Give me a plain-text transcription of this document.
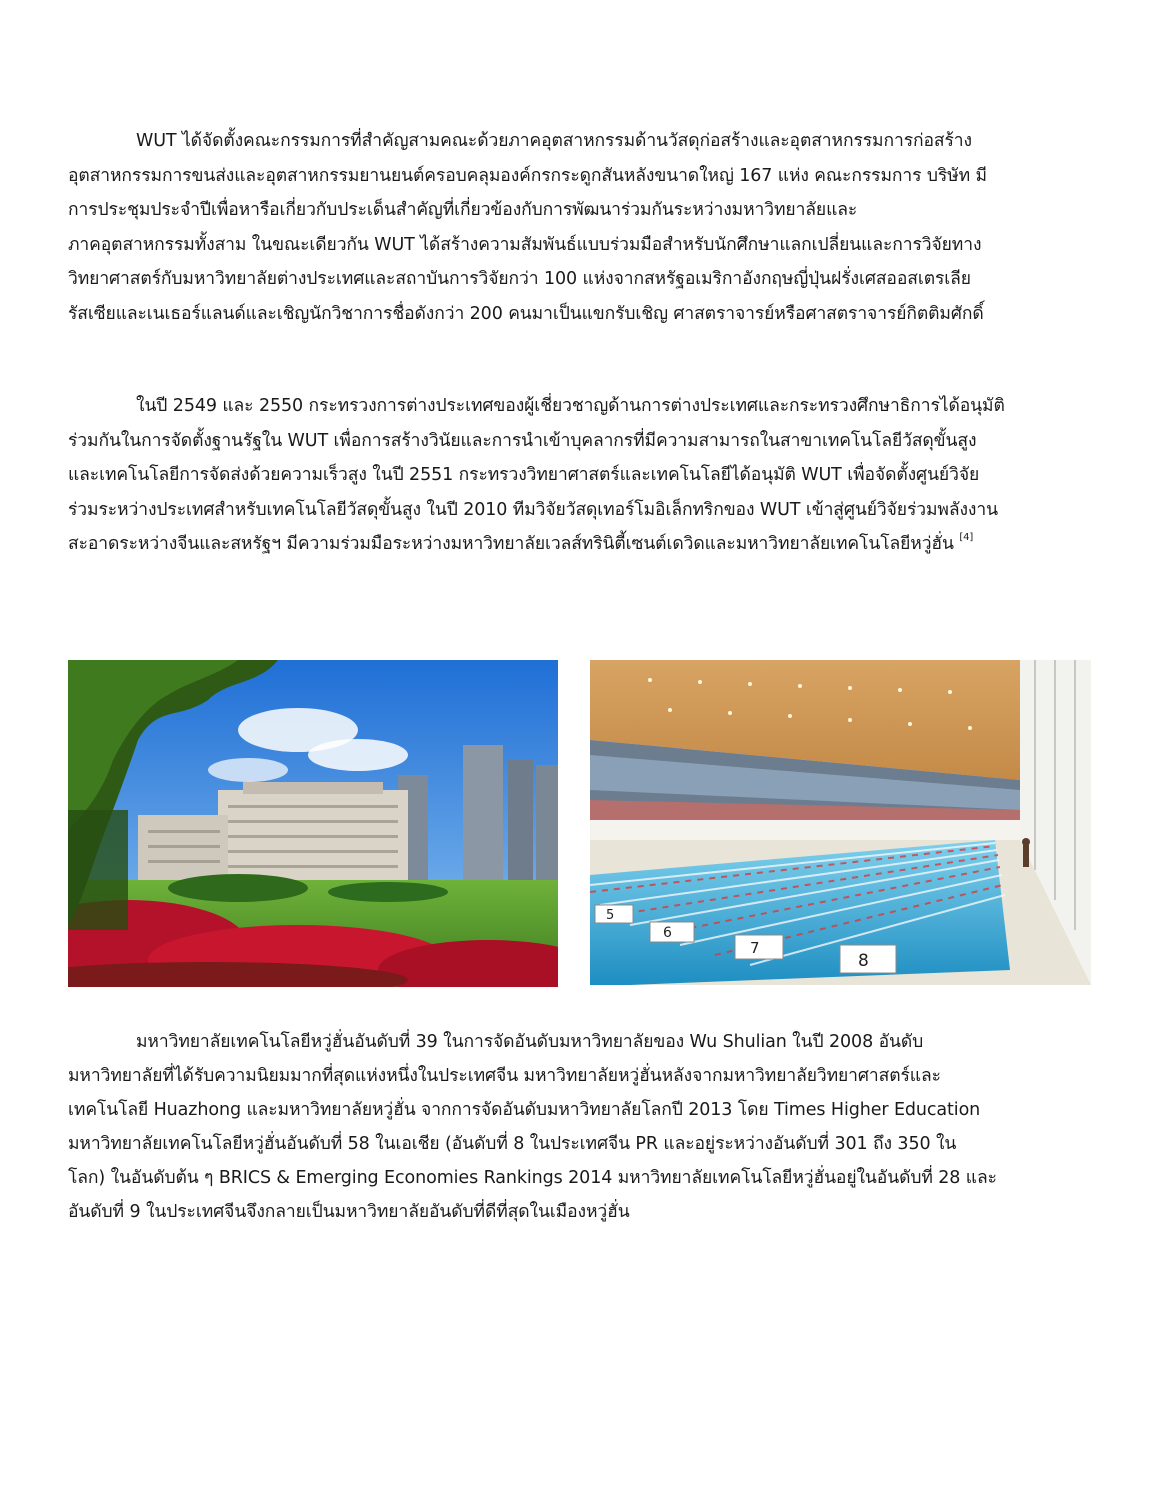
WUT ได้จัดตั้งคณะกรรมการที่สำคัญสามคณะด้วยภาคอุตสาหกรรมด้านวัสดุก่อสร้างและอุตสาหกรรมการก่อสร้าง
อุตสาหกรรมการขนส่งและอุตสาหกรรมยานยนต์ครอบคลุมองค์กรกระดูกสันหลังขนาดใหญ่ 167 แห่ง คณะกรรมการ บริษัท มี
การประชุมประจำปีเพื่อหารือเกี่ยวกับประเด็นสำคัญที่เกี่ยวข้องกับการพัฒนาร่วมกันระหว่างมหาวิทยาลัยและ
ภาคอุตสาหกรรมทั้งสาม ในขณะเดียวกัน WUT ได้สร้างความสัมพันธ์แบบร่วมมือสำหรับนักศึกษาแลกเปลี่ยนและการวิจัยทาง
วิทยาศาสตร์กับมหาวิทยาลัยต่างประเทศและสถาบันการวิจัยกว่า 100 แห่งจากสหรัฐอเมริกาอังกฤษญี่ปุ่นฝรั่งเศสออสเตรเลีย
รัสเซียและเนเธอร์แลนด์และเชิญนักวิชาการชื่อดังกว่า 200 คนมาเป็นแขกรับเชิญ ศาสตราจารย์หรือศาสตราจารย์กิตติมศักดิ์

ในปี 2549 และ 2550 กระทรวงการต่างประเทศของผู้เชี่ยวชาญด้านการต่างประเทศและกระทรวงศึกษาธิการได้อนุมัติ
ร่วมกันในการจัดตั้งฐานรัฐใน WUT เพื่อการสร้างวินัยและการนำเข้าบุคลากรที่มีความสามารถในสาขาเทคโนโลยีวัสดุขั้นสูง
และเทคโนโลยีการจัดส่งด้วยความเร็วสูง ในปี 2551 กระทรวงวิทยาศาสตร์และเทคโนโลยีได้อนุมัติ WUT เพื่อจัดตั้งศูนย์วิจัย
ร่วมระหว่างประเทศสำหรับเทคโนโลยีวัสดุขั้นสูง ในปี 2010 ทีมวิจัยวัสดุเทอร์โมอิเล็กทริกของ WUT เข้าสู่ศูนย์วิจัยร่วมพลังงาน
สะอาดระหว่างจีนและสหรัฐฯ มีความร่วมมือระหว่างมหาวิทยาลัยเวลส์ทรินิตี้เซนต์เดวิดและมหาวิทยาลัยเทคโนโลยีหวู่ฮั่น [4]

5
6
7
8

มหาวิทยาลัยเทคโนโลยีหวู่ฮั่นอันดับที่ 39 ในการจัดอันดับมหาวิทยาลัยของ Wu Shulian ในปี 2008 อันดับ
มหาวิทยาลัยที่ได้รับความนิยมมากที่สุดแห่งหนึ่งในประเทศจีน มหาวิทยาลัยหวู่ฮั่นหลังจากมหาวิทยาลัยวิทยาศาสตร์และ
เทคโนโลยี Huazhong และมหาวิทยาลัยหวู่ฮั่น จากการจัดอันดับมหาวิทยาลัยโลกปี 2013 โดย Times Higher Education
มหาวิทยาลัยเทคโนโลยีหวู่ฮั่นอันดับที่ 58 ในเอเชีย (อันดับที่ 8 ในประเทศจีน PR และอยู่ระหว่างอันดับที่ 301 ถึง 350 ใน
โลก) ในอันดับต้น ๆ BRICS & Emerging Economies Rankings 2014 มหาวิทยาลัยเทคโนโลยีหวู่ฮั่นอยู่ในอันดับที่ 28 และ
อันดับที่ 9 ในประเทศจีนจึงกลายเป็นมหาวิทยาลัยอันดับที่ดีที่สุดในเมืองหวู่ฮั่น
